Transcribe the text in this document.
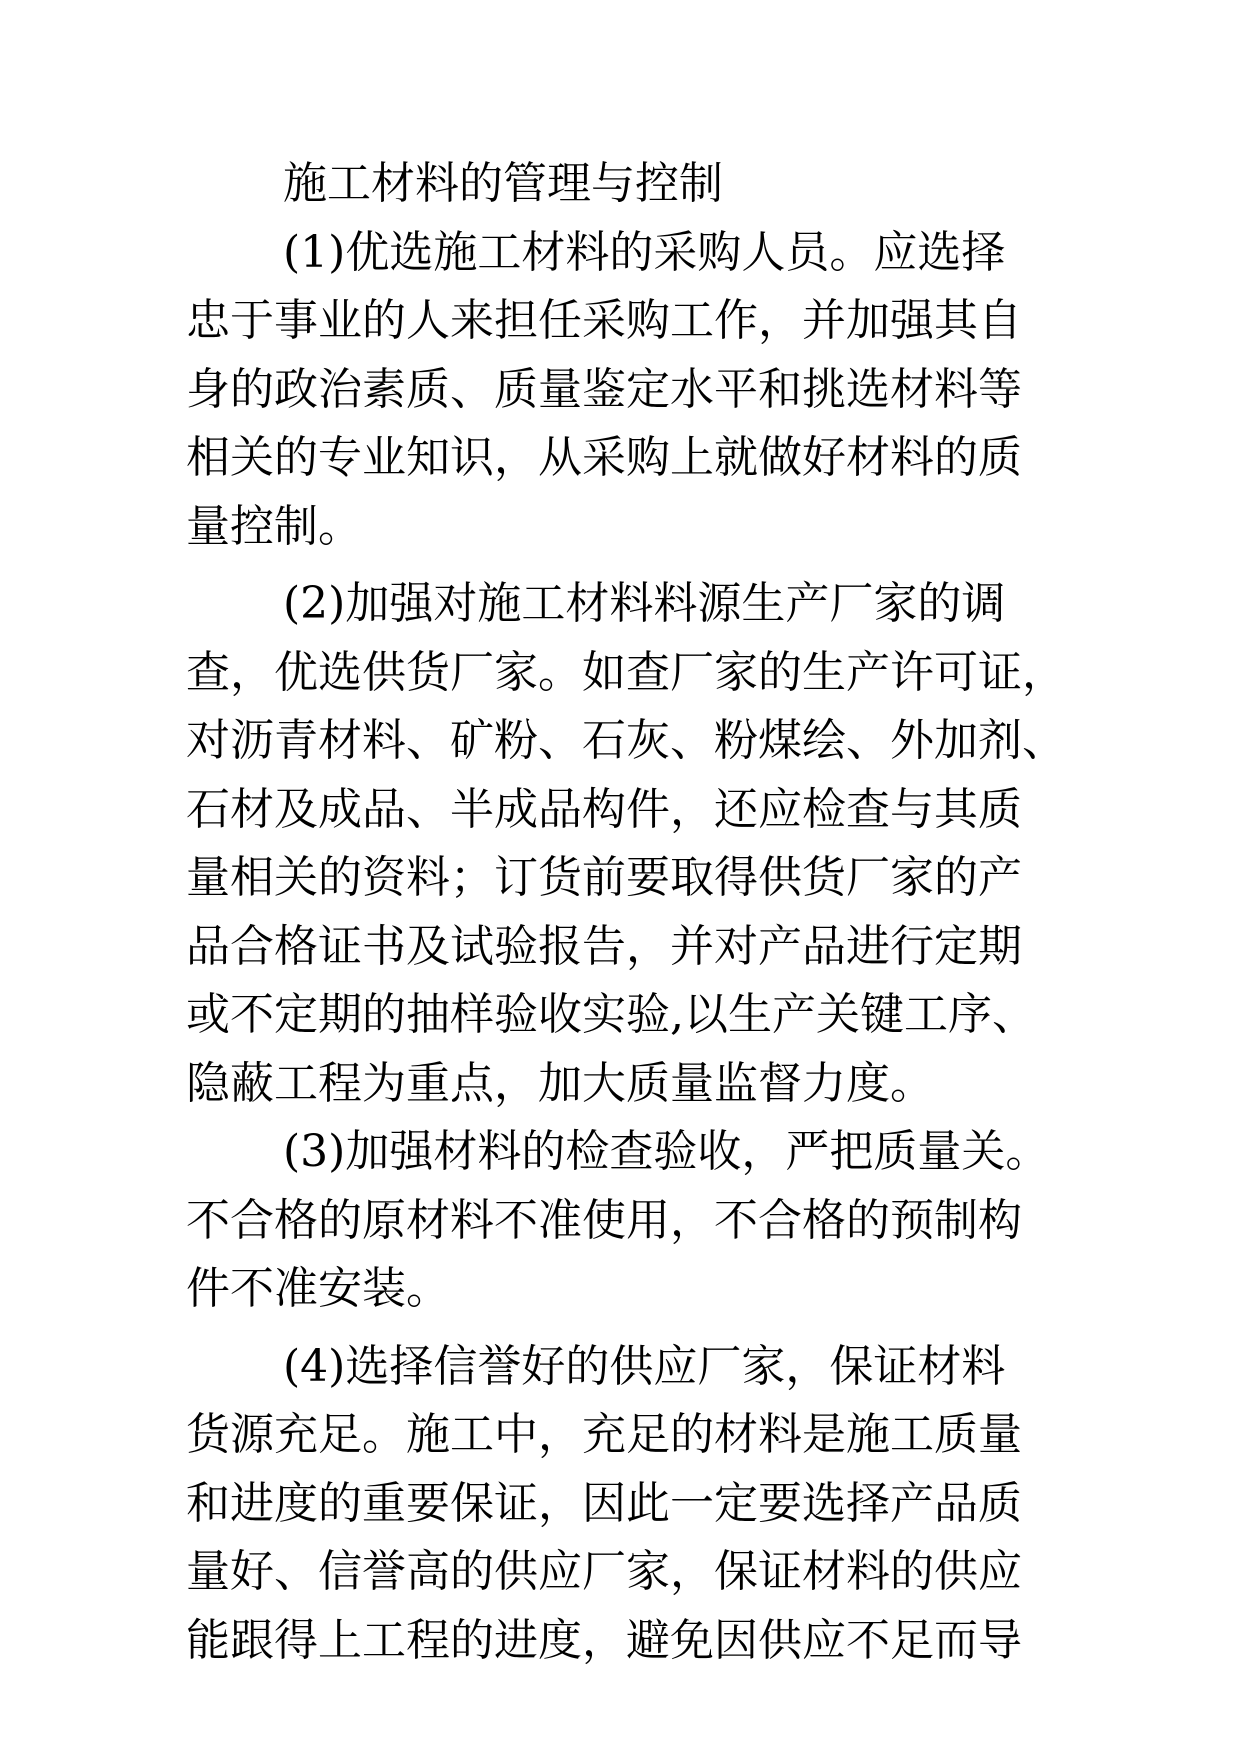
施工材料的管理与控制
(1)优选施工材料的采购人员。应选择
忠于事业的人来担任采购工作，并加强其自
身的政治素质、质量鉴定水平和挑选材料等
相关的专业知识，从采购上就做好材料的质
量控制。
(2)加强对施工材料料源生产厂家的调
查，优选供货厂家。如查厂家的生产许可证，
对沥青材料、矿粉、石灰、粉煤绘、外加剂、
石材及成品、半成品构件，还应检查与其质
量相关的资料；订货前要取得供货厂家的产
品合格证书及试验报告，并对产品进行定期
或不定期的抽样验收实验,以生产关键工序、
隐蔽工程为重点，加大质量监督力度。
(3)加强材料的检查验收，严把质量关。
不合格的原材料不准使用，不合格的预制构
件不准安装。
(4)选择信誉好的供应厂家，保证材料
货源充足。施工中，充足的材料是施工质量
和进度的重要保证，因此一定要选择产品质
量好、信誉高的供应厂家，保证材料的供应
能跟得上工程的进度，避免因供应不足而导
